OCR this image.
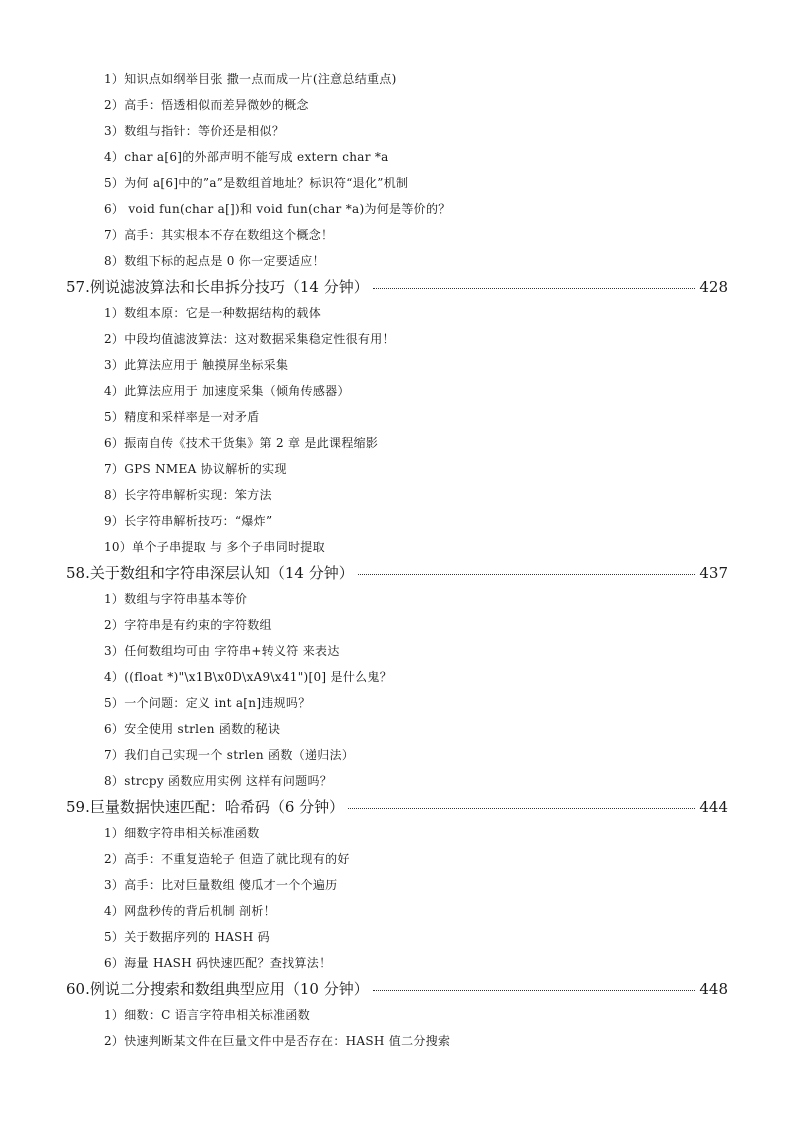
1）知识点如纲举目张 撒一点而成一片(注意总结重点)
2）高手：悟透相似而差异微妙的概念
3）数组与指针：等价还是相似？
4）char a[6]的外部声明不能写成 extern char *a
5）为何 a[6]中的”a”是数组首地址？标识符“退化”机制
6） void fun(char a[])和 void fun(char *a)为何是等价的？
7）高手：其实根本不存在数组这个概念！
8）数组下标的起点是 0 你一定要适应！
57.例说滤波算法和长串拆分技巧（14 分钟）	428
1）数组本原：它是一种数据结构的载体
2）中段均值滤波算法：这对数据采集稳定性很有用！
3）此算法应用于 触摸屏坐标采集
4）此算法应用于 加速度采集（倾角传感器）
5）精度和采样率是一对矛盾
6）振南自传《技术干货集》第 2 章 是此课程缩影
7）GPS NMEA 协议解析的实现
8）长字符串解析实现：笨方法
9）长字符串解析技巧：“爆炸”
10）单个子串提取 与 多个子串同时提取
58.关于数组和字符串深层认知（14 分钟）	437
1）数组与字符串基本等价
2）字符串是有约束的字符数组
3）任何数组均可由 字符串+转义符 来表达
4）((float *)"\x1B\x0D\xA9\x41")[0] 是什么鬼？
5）一个问题：定义 int a[n]违规吗？
6）安全使用 strlen 函数的秘诀
7）我们自己实现一个 strlen 函数（递归法）
8）strcpy 函数应用实例 这样有问题吗？
59.巨量数据快速匹配：哈希码（6 分钟）	444
1）细数字符串相关标准函数
2）高手：不重复造轮子 但造了就比现有的好
3）高手：比对巨量数组 傻瓜才一个个遍历
4）网盘秒传的背后机制 剖析！
5）关于数据序列的 HASH 码
6）海量 HASH 码快速匹配？查找算法！
60.例说二分搜索和数组典型应用（10 分钟）	448
1）细数：C 语言字符串相关标准函数
2）快速判断某文件在巨量文件中是否存在：HASH 值二分搜索
